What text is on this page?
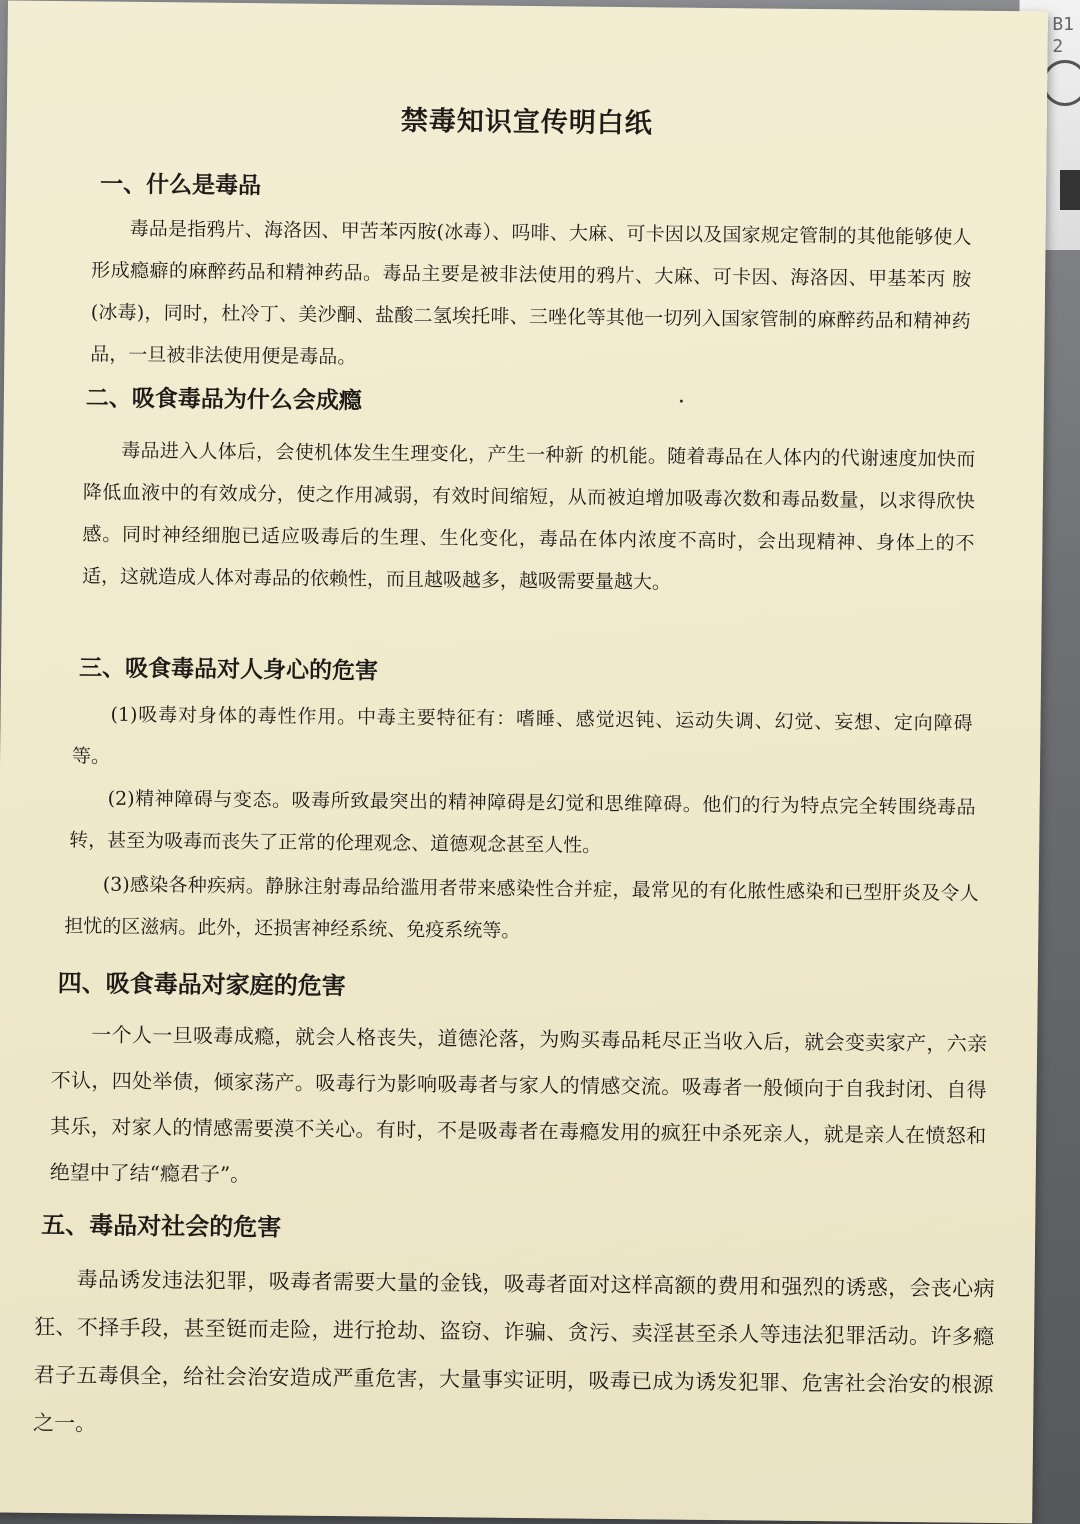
B1
2
禁毒知识宣传明白纸
一、什么是毒品
毒品是指鸦片、海洛因、甲苦苯丙胺(冰毒）、吗啡、大麻、可卡因以及国家规定管制的其他能够使人形成瘾癖的麻醉药品和精神药品。毒品主要是被非法使用的鸦片、大麻、可卡因、海洛因、甲基苯丙 胺(冰毒)，同时，杜冷丁、美沙酮、盐酸二氢埃托啡、三唑化等其他一切列入国家管制的麻醉药品和精神药品，一旦被非法使用便是毒品。
二、吸食毒品为什么会成瘾
毒品进入人体后，会使机体发生生理变化，产生一种新 的机能。随着毒品在人体内的代谢速度加快而降低血液中的有效成分，使之作用减弱，有效时间缩短，从而被迫增加吸毒次数和毒品数量，以求得欣快感。同时神经细胞已适应吸毒后的生理、生化变化，毒品在体内浓度不高时，会出现精神、身体上的不适，这就造成人体对毒品的依赖性，而且越吸越多，越吸需要量越大。
三、吸食毒品对人身心的危害
(1)吸毒对身体的毒性作用。中毒主要特征有：嗜睡、感觉迟钝、运动失调、幻觉、妄想、定向障碍等。
(2)精神障碍与变态。吸毒所致最突出的精神障碍是幻觉和思维障碍。他们的行为特点完全转围绕毒品转，甚至为吸毒而丧失了正常的伦理观念、道德观念甚至人性。
(3)感染各种疾病。静脉注射毒品给滥用者带来感染性合并症，最常见的有化脓性感染和已型肝炎及令人担忧的区滋病。此外，还损害神经系统、免疫系统等。
四、吸食毒品对家庭的危害
一个人一旦吸毒成瘾，就会人格丧失，道德沦落，为购买毒品耗尽正当收入后，就会变卖家产，六亲不认，四处举债，倾家荡产。吸毒行为影响吸毒者与家人的情感交流。吸毒者一般倾向于自我封闭、自得其乐，对家人的情感需要漠不关心。有时，不是吸毒者在毒瘾发用的疯狂中杀死亲人，就是亲人在愤怒和绝望中了结“瘾君子”。
五、毒品对社会的危害
毒品诱发违法犯罪，吸毒者需要大量的金钱，吸毒者面对这样高额的费用和强烈的诱惑，会丧心病狂、不择手段，甚至铤而走险，进行抢劫、盗窃、诈骗、贪污、卖淫甚至杀人等违法犯罪活动。许多瘾君子五毒俱全，给社会治安造成严重危害，大量事实证明，吸毒已成为诱发犯罪、危害社会治安的根源之一。
